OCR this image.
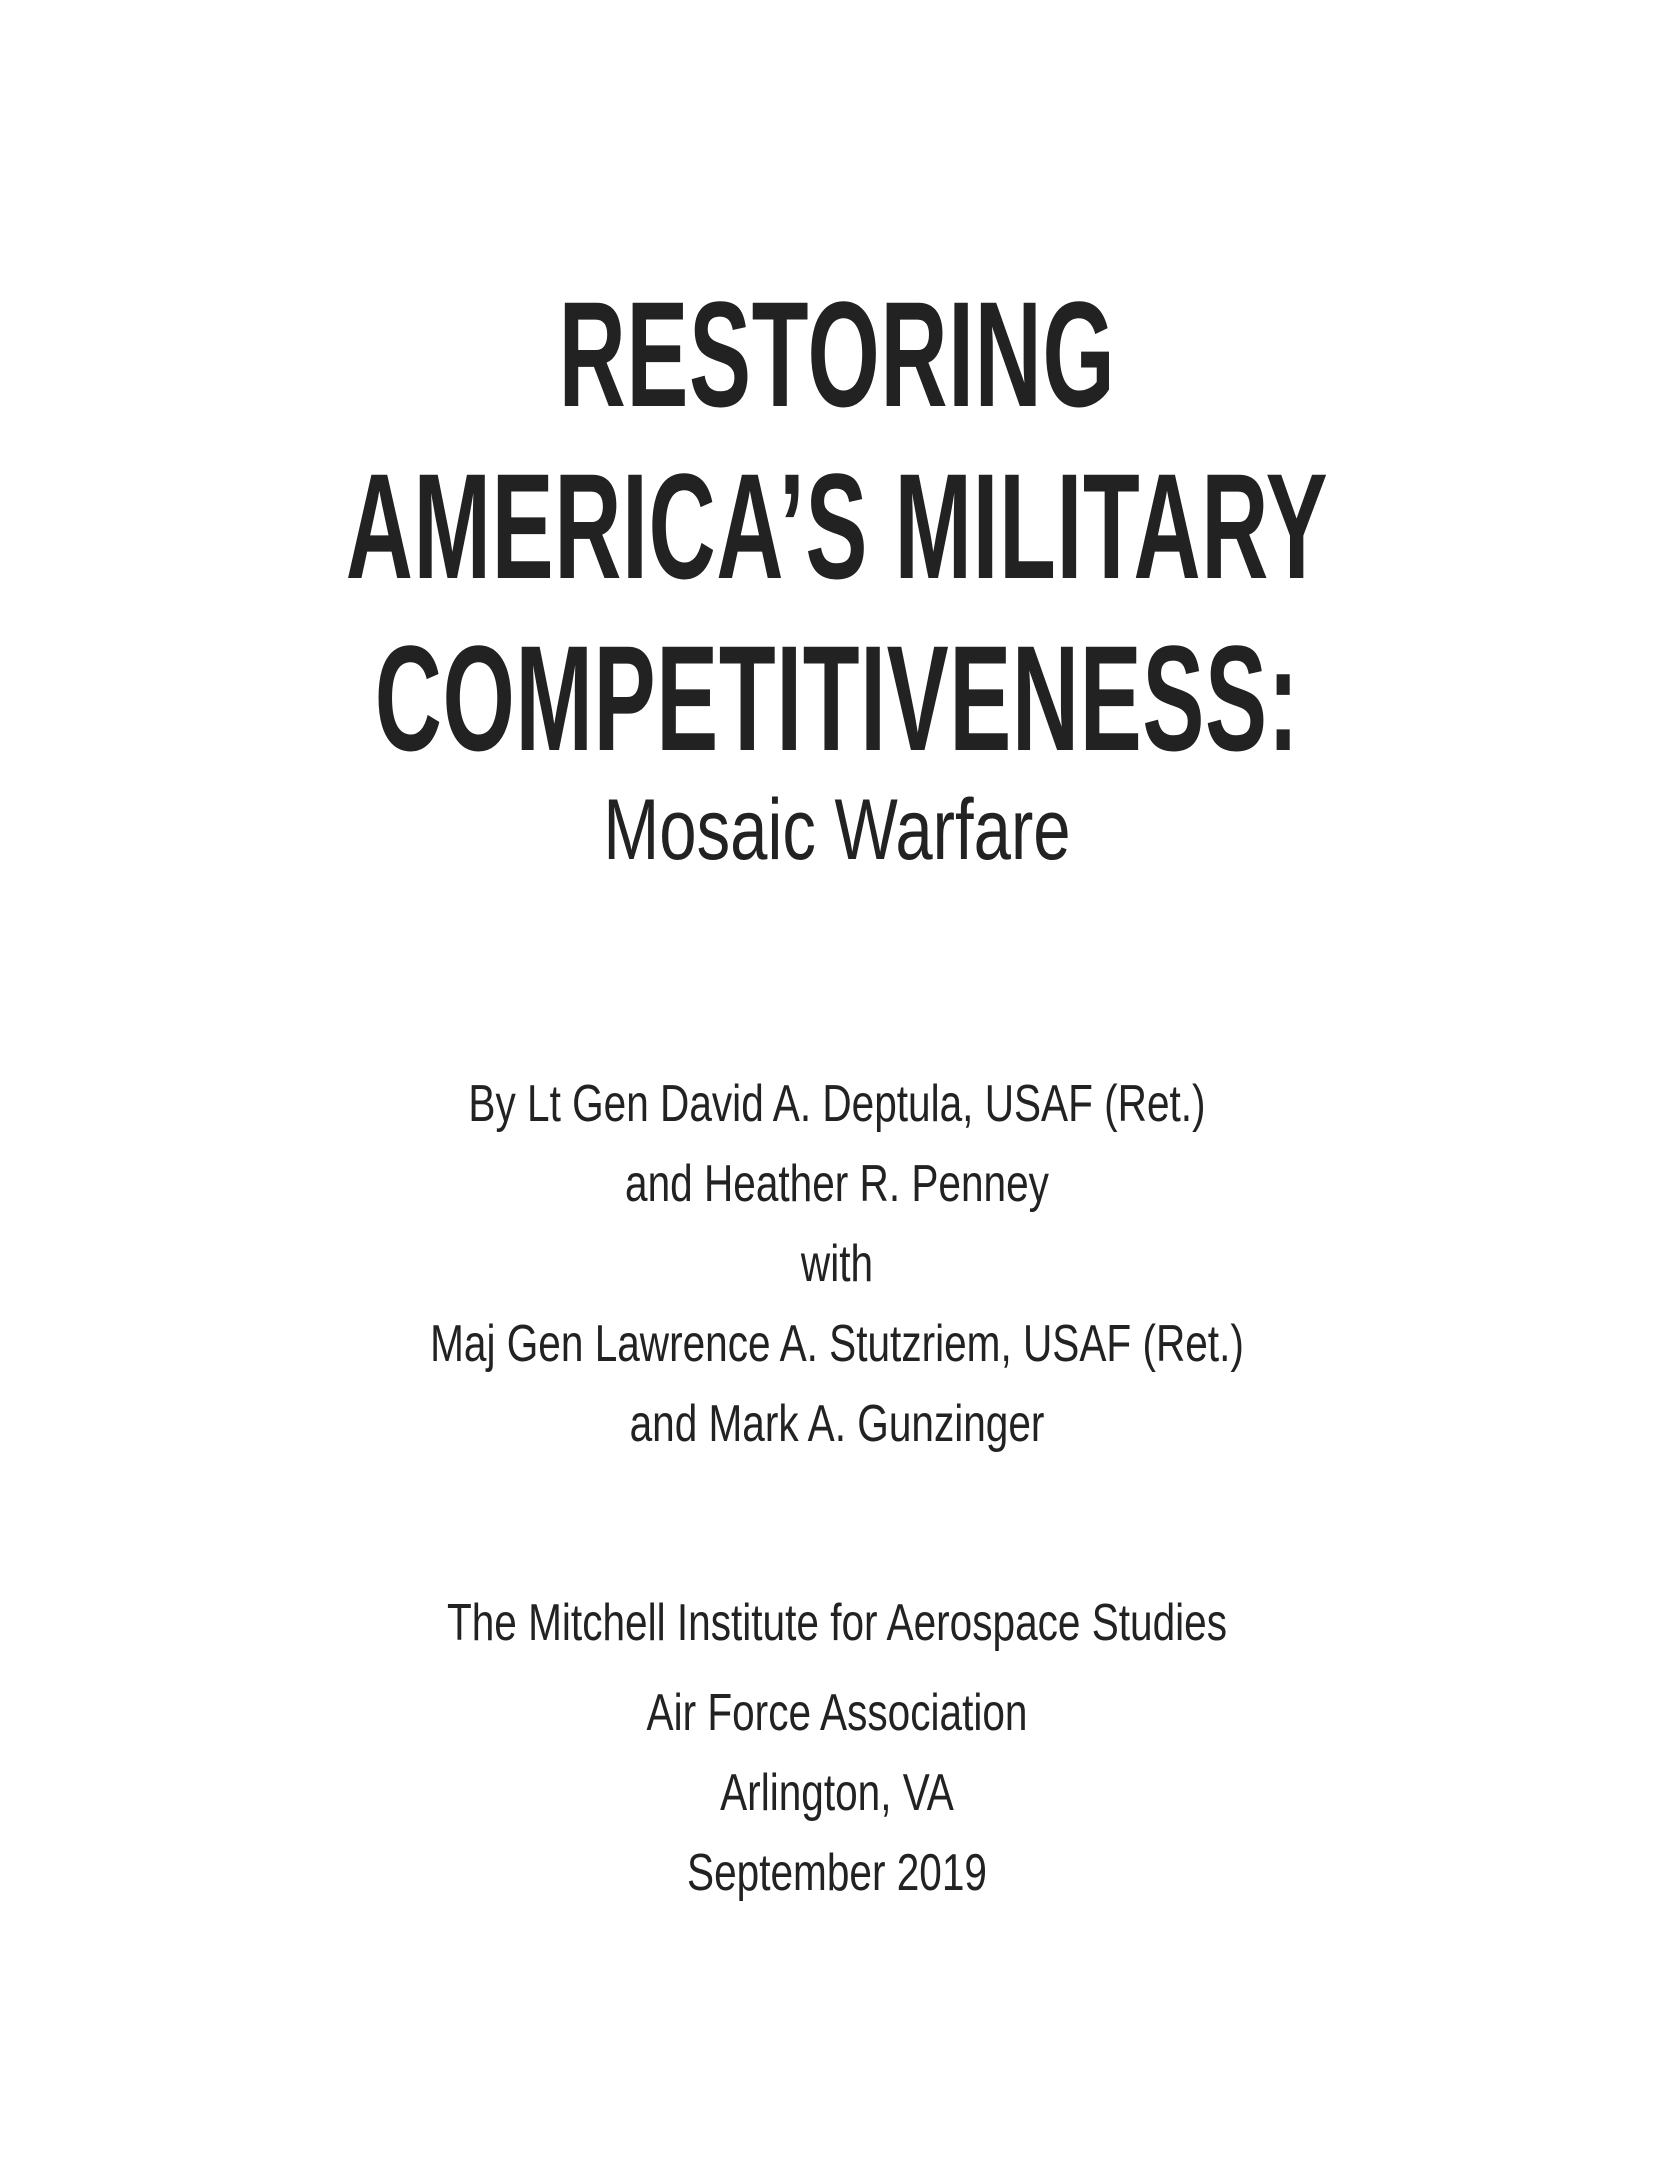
RESTORING
AMERICA’S MILITARY
COMPETITIVENESS:
Mosaic Warfare
By Lt Gen David A. Deptula, USAF (Ret.)
and Heather R. Penney
with
Maj Gen Lawrence A. Stutzriem, USAF (Ret.)
and Mark A. Gunzinger
The Mitchell Institute for Aerospace Studies
Air Force Association
Arlington, VA
September 2019
